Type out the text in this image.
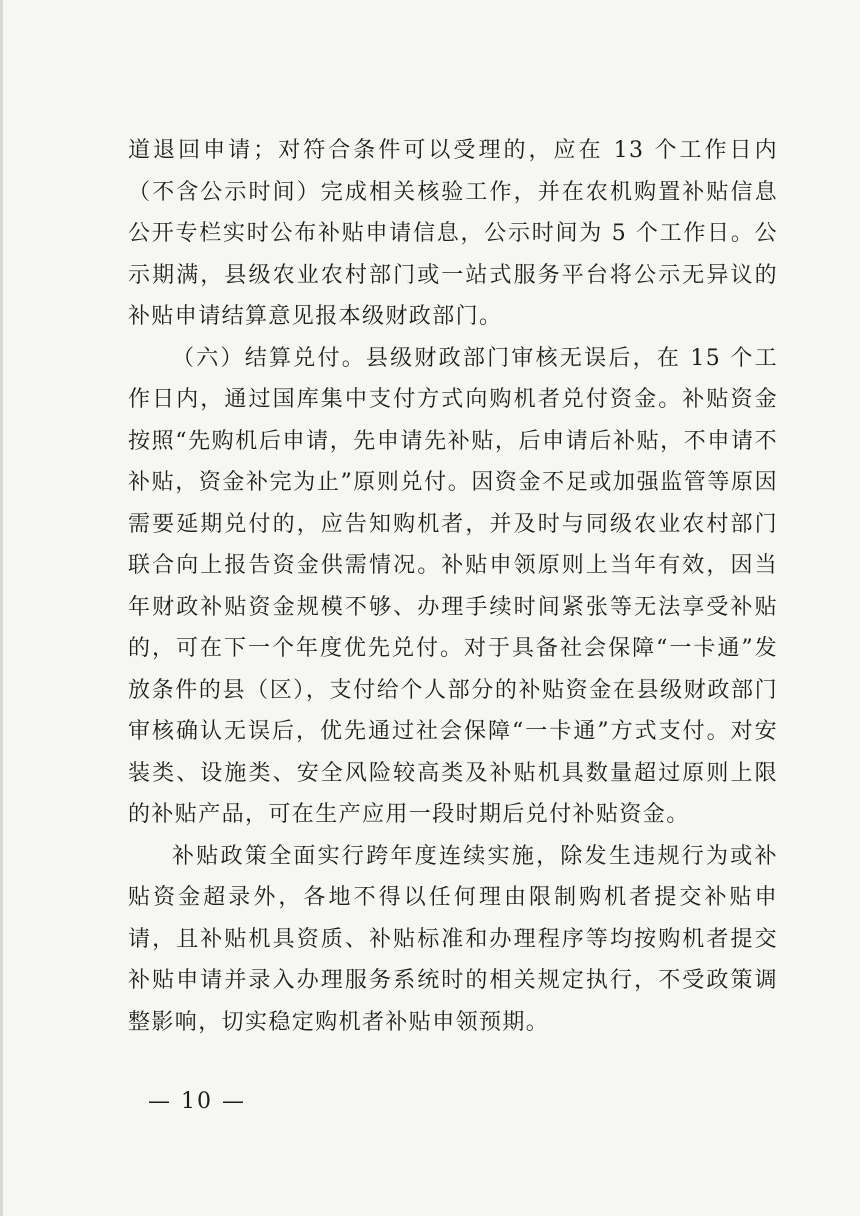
道退回申请；对符合条件可以受理的，应在 13 个工作日内（不含公示时间）完成相关核验工作，并在农机购置补贴信息公开专栏实时公布补贴申请信息，公示时间为 5 个工作日。公示期满，县级农业农村部门或一站式服务平台将公示无异议的补贴申请结算意见报本级财政部门。

（六）结算兑付。县级财政部门审核无误后，在 15 个工作日内，通过国库集中支付方式向购机者兑付资金。补贴资金按照“先购机后申请，先申请先补贴，后申请后补贴，不申请不补贴，资金补完为止”原则兑付。因资金不足或加强监管等原因需要延期兑付的，应告知购机者，并及时与同级农业农村部门联合向上报告资金供需情况。补贴申领原则上当年有效，因当年财政补贴资金规模不够、办理手续时间紧张等无法享受补贴的，可在下一个年度优先兑付。对于具备社会保障“一卡通”发放条件的县（区），支付给个人部分的补贴资金在县级财政部门审核确认无误后，优先通过社会保障“一卡通”方式支付。对安装类、设施类、安全风险较高类及补贴机具数量超过原则上限的补贴产品，可在生产应用一段时期后兑付补贴资金。

补贴政策全面实行跨年度连续实施，除发生违规行为或补贴资金超录外，各地不得以任何理由限制购机者提交补贴申请，且补贴机具资质、补贴标准和办理程序等均按购机者提交补贴申请并录入办理服务系统时的相关规定执行，不受政策调整影响，切实稳定购机者补贴申领预期。

— 10 —
